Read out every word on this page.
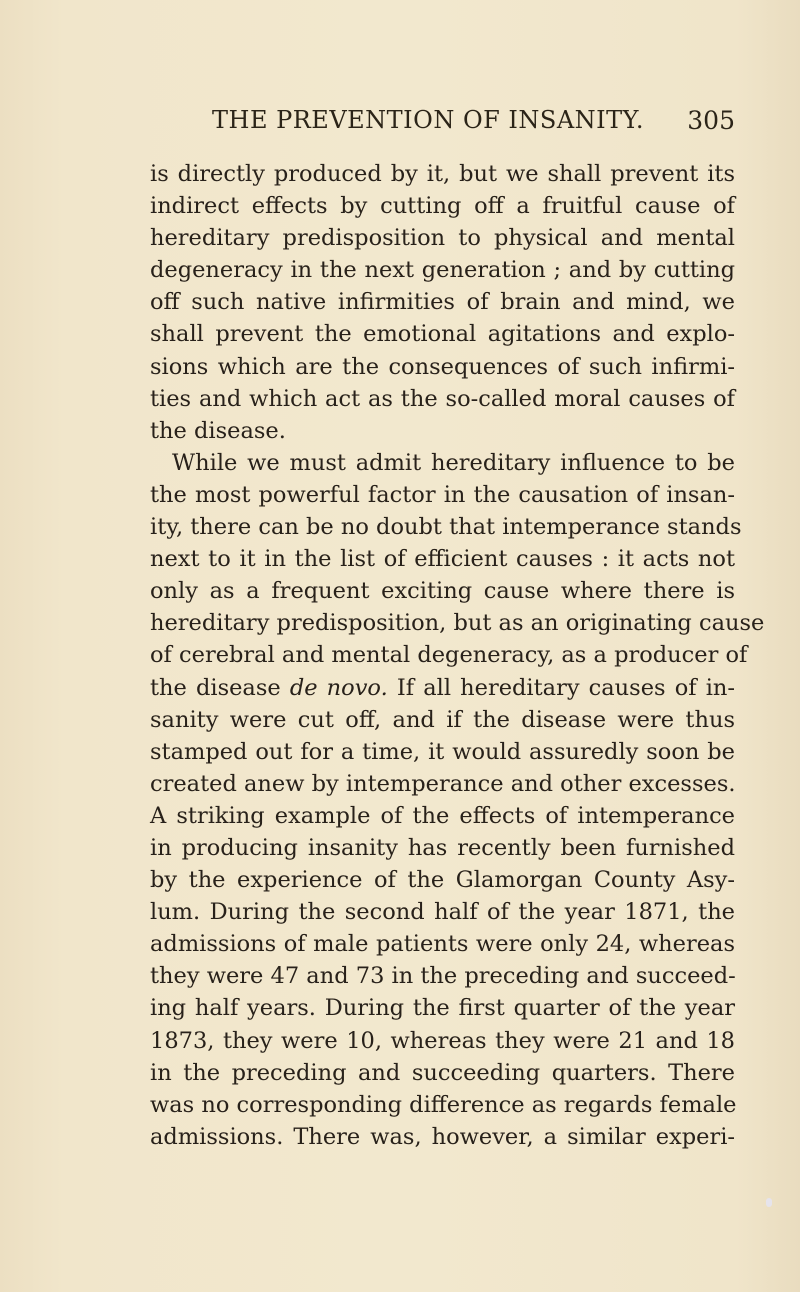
THE PREVENTION OF INSANITY. 305
is directly produced by it, but we shall prevent its
indirect effects by cutting off a fruitful cause of
hereditary predisposition to physical and mental
degeneracy in the next generation ; and by cutting
off such native infirmities of brain and mind, we
shall prevent the emotional agitations and explo-
sions which are the consequences of such infirmi-
ties and which act as the so-called moral causes of
the disease.
While we must admit hereditary influence to be
the most powerful factor in the causation of insan-
ity, there can be no doubt that intemperance stands
next to it in the list of efficient causes : it acts not
only as a frequent exciting cause where there is
hereditary predisposition, but as an originating cause
of cerebral and mental degeneracy, as a producer of
the disease de novo. If all hereditary causes of in-
sanity were cut off, and if the disease were thus
stamped out for a time, it would assuredly soon be
created anew by intemperance and other excesses.
A striking example of the effects of intemperance
in producing insanity has recently been furnished
by the experience of the Glamorgan County Asy-
lum. During the second half of the year 1871, the
admissions of male patients were only 24, whereas
they were 47 and 73 in the preceding and succeed-
ing half years. During the first quarter of the year
1873, they were 10, whereas they were 21 and 18
in the preceding and succeeding quarters. There
was no corresponding difference as regards female
admissions. There was, however, a similar experi-
